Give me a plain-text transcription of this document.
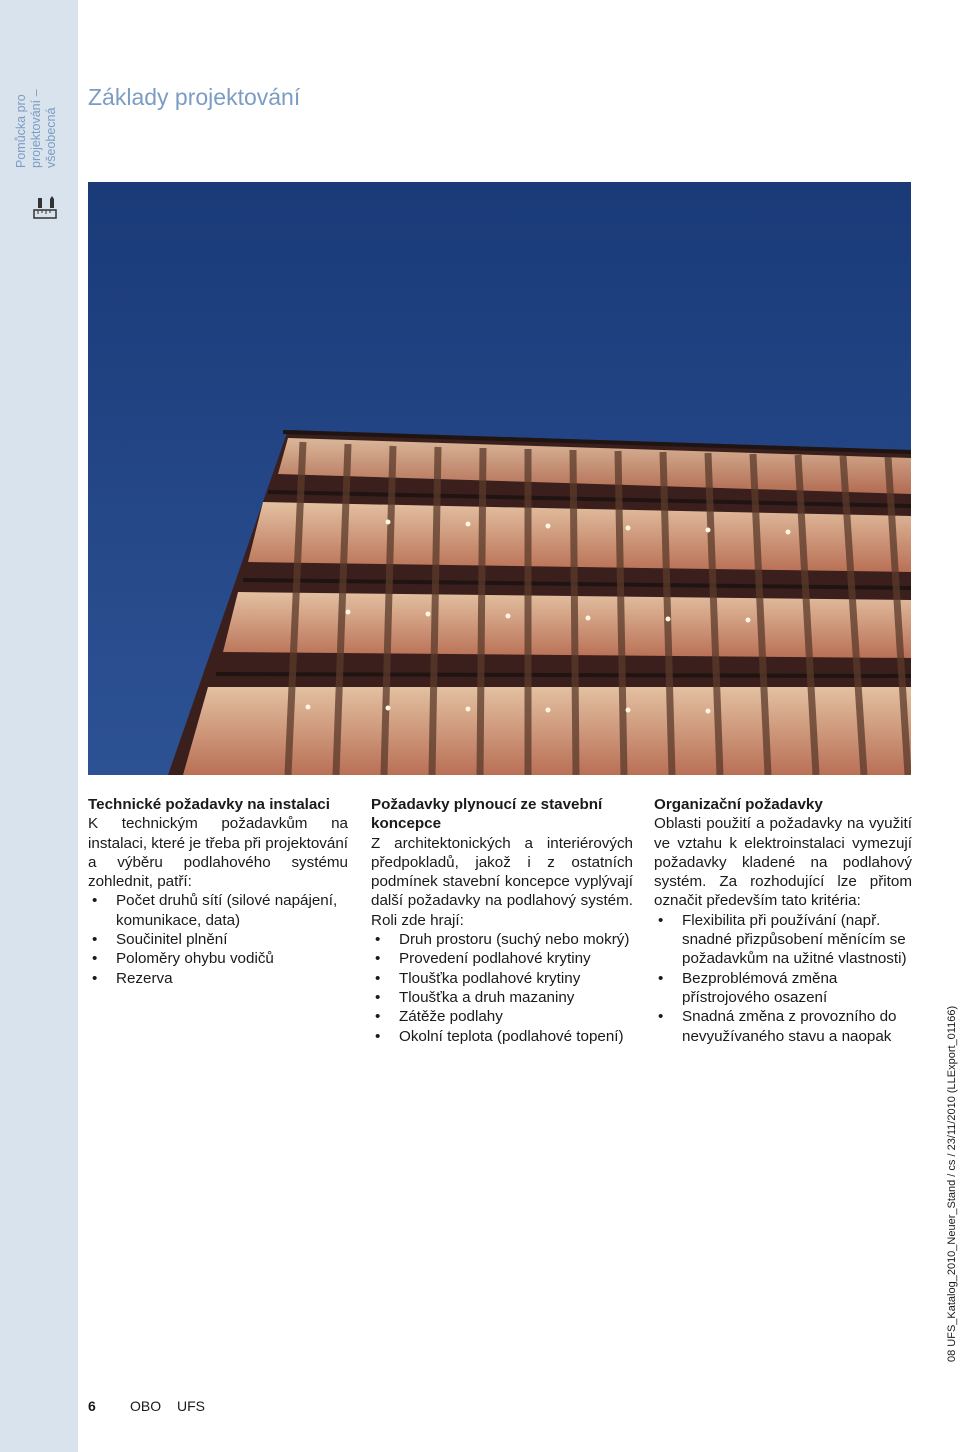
Pomůcka pro projektování – všeobecná
Základy projektování
Technické požadavky na instalaci

K technickým požadavkům na instalaci, které je třeba při projektování a výběru podlahového systému zohlednit, patří:

• Počet druhů sítí (silové napájení, komunikace, data)
• Součinitel plnění
• Poloměry ohybu vodičů
• Rezerva
Požadavky plynoucí ze stavební koncepce

Z architektonických a interiérových předpokladů, jakož i z ostatních podmínek stavební koncepce vyplývají další požadavky na podlahový systém. Roli zde hrají:

• Druh prostoru (suchý nebo mokrý)
• Provedení podlahové krytiny
• Tloušťka podlahové krytiny
• Tloušťka a druh mazaniny
• Zátěže podlahy
• Okolní teplota (podlahové topení)
Organizační požadavky

Oblasti použití a požadavky na využití ve vztahu k elektroinstalaci vymezují požadavky kladené na podlahový systém. Za rozhodující lze přitom označit především tato kritéria:

• Flexibilita při používání (např. snadné přizpůsobení měnícím se požadavkům na užitné vlastnosti)
• Bezproblémová změna přístrojového osazení
• Snadná změna z provozního do nevyužívaného stavu a naopak
6 OBO UFS
08 UFS_Katalog_2010_Neuer_Stand / cs / 23/11/2010 (LLExport_01166)
